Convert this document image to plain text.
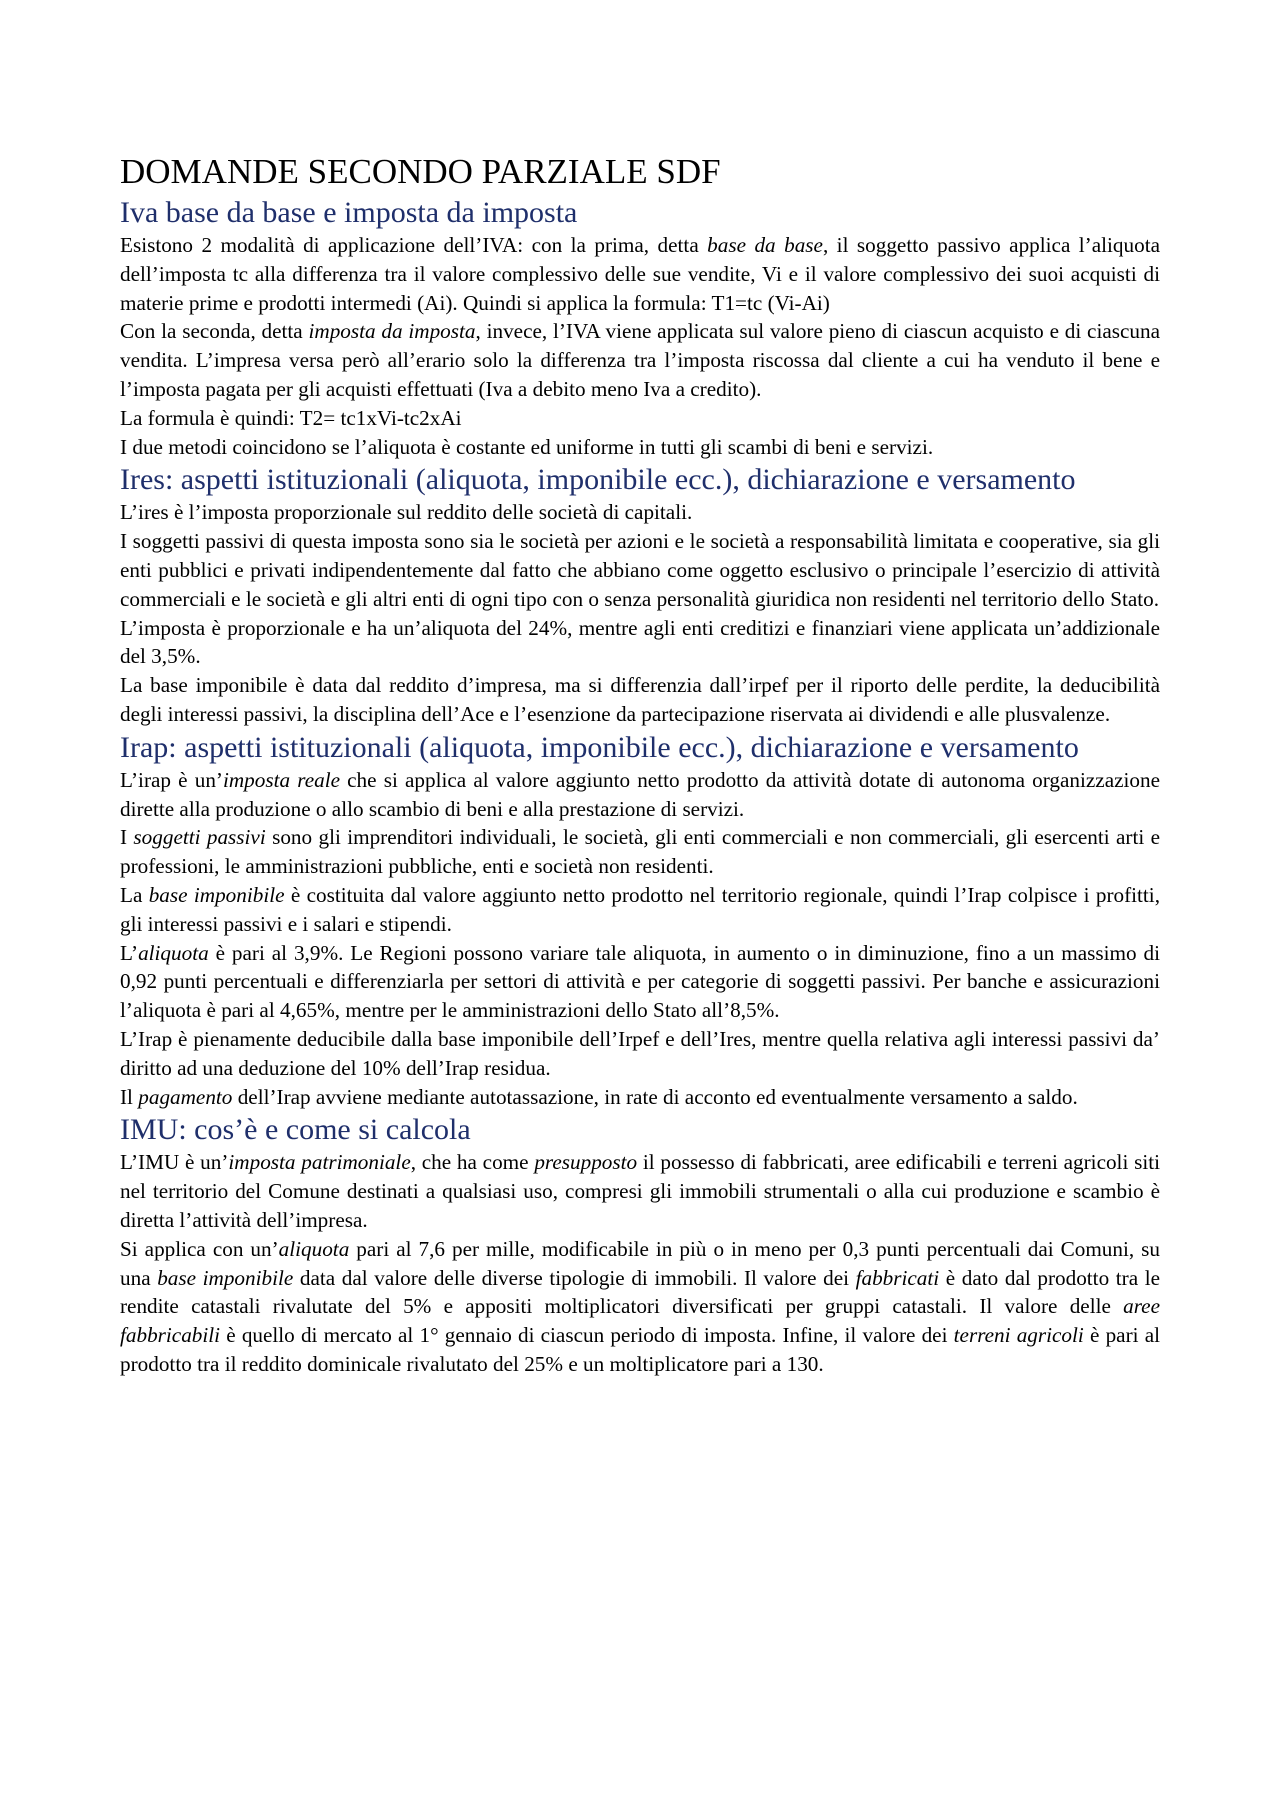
DOMANDE SECONDO PARZIALE SDF
Iva base da base e imposta da imposta

Esistono 2 modalità di applicazione dell’IVA: con la prima, detta base da base, il soggetto passivo applica l’aliquota dell’imposta tc alla differenza tra il valore complessivo delle sue vendite, Vi e il valore complessivo dei suoi acquisti di materie prime e prodotti intermedi (Ai). Quindi si applica la formula: T1=tc (Vi-Ai)

Con la seconda, detta imposta da imposta, invece, l’IVA viene applicata sul valore pieno di ciascun acquisto e di ciascuna vendita. L’impresa versa però all’erario solo la differenza tra l’imposta riscossa dal cliente a cui ha venduto il bene e l’imposta pagata per gli acquisti effettuati (Iva a debito meno Iva a credito).

La formula è quindi: T2= tc1xVi-tc2xAi

I due metodi coincidono se l’aliquota è costante ed uniforme in tutti gli scambi di beni e servizi.

Ires: aspetti istituzionali (aliquota, imponibile ecc.), dichiarazione e versamento

L’ires è l’imposta proporzionale sul reddito delle società di capitali.

I soggetti passivi di questa imposta sono sia le società per azioni e le società a responsabilità limitata e cooperative, sia gli enti pubblici e privati indipendentemente dal fatto che abbiano come oggetto esclusivo o principale l’esercizio di attività commerciali e le società e gli altri enti di ogni tipo con o senza personalità giuridica non residenti nel territorio dello Stato.

L’imposta è proporzionale e ha un’aliquota del 24%, mentre agli enti creditizi e finanziari viene applicata un’addizionale del 3,5%.

La base imponibile è data dal reddito d’impresa, ma si differenzia dall’irpef per il riporto delle perdite, la deducibilità degli interessi passivi, la disciplina dell’Ace e l’esenzione da partecipazione riservata ai dividendi e alle plusvalenze.

Irap: aspetti istituzionali (aliquota, imponibile ecc.), dichiarazione e versamento

L’irap è un’imposta reale che si applica al valore aggiunto netto prodotto da attività dotate di autonoma organizzazione dirette alla produzione o allo scambio di beni e alla prestazione di servizi.

I soggetti passivi sono gli imprenditori individuali, le società, gli enti commerciali e non commerciali, gli esercenti arti e professioni, le amministrazioni pubbliche, enti e società non residenti.

La base imponibile è costituita dal valore aggiunto netto prodotto nel territorio regionale, quindi l’Irap colpisce i profitti, gli interessi passivi e i salari e stipendi.

L’aliquota è pari al 3,9%. Le Regioni possono variare tale aliquota, in aumento o in diminuzione, fino a un massimo di 0,92 punti percentuali e differenziarla per settori di attività e per categorie di soggetti passivi. Per banche e assicurazioni l’aliquota è pari al 4,65%, mentre per le amministrazioni dello Stato all’8,5%.

L’Irap è pienamente deducibile dalla base imponibile dell’Irpef e dell’Ires, mentre quella relativa agli interessi passivi da’ diritto ad una deduzione del 10% dell’Irap residua.

Il pagamento dell’Irap avviene mediante autotassazione, in rate di acconto ed eventualmente versamento a saldo.

IMU: cos’è e come si calcola

L’IMU è un’imposta patrimoniale, che ha come presupposto il possesso di fabbricati, aree edificabili e terreni agricoli siti nel territorio del Comune destinati a qualsiasi uso, compresi gli immobili strumentali o alla cui produzione e scambio è diretta l’attività dell’impresa.

Si applica con un’aliquota pari al 7,6 per mille, modificabile in più o in meno per 0,3 punti percentuali dai Comuni, su una base imponibile data dal valore delle diverse tipologie di immobili. Il valore dei fabbricati è dato dal prodotto tra le rendite catastali rivalutate del 5% e appositi moltiplicatori diversificati per gruppi catastali. Il valore delle aree fabbricabili è quello di mercato al 1° gennaio di ciascun periodo di imposta. Infine, il valore dei terreni agricoli è pari al prodotto tra il reddito dominicale rivalutato del 25% e un moltiplicatore pari a 130.
